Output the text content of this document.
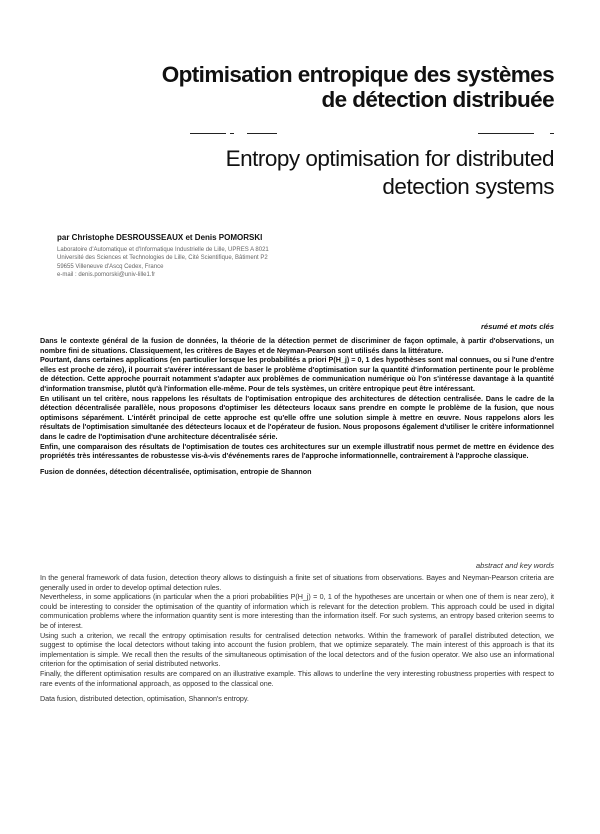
Optimisation entropique des systèmes
de détection distribuée
Entropy optimisation for distributed
detection systems
par Christophe DESROUSSEAUX et Denis POMORSKI
Laboratoire d'Automatique et d'Informatique Industrielle de Lille, UPRES A 8021
Université des Sciences et Technologies de Lille, Cité Scientifique, Bâtiment P2
59655 Villeneuve d'Ascq Cedex, France
e-mail : denis.pomorski@univ-lille1.fr
résumé et mots clés

Dans le contexte général de la fusion de données, la théorie de la détection permet de discriminer de façon optimale, à partir d'observations, un nombre fini de situations. Classiquement, les critères de Bayes et de Neyman-Pearson sont utilisés dans la littérature.

Pourtant, dans certaines applications (en particulier lorsque les probabilités a priori P(H_j) = 0, 1 des hypothèses sont mal connues, ou si l'une d'entre elles est proche de zéro), il pourrait s'avérer intéressant de baser le problème d'optimisation sur la quantité d'information pertinente pour le problème de détection. Cette approche pourrait notamment s'adapter aux problèmes de communication numérique où l'on s'intéresse davantage à la quantité d'information transmise, plutôt qu'à l'information elle-même. Pour de tels systèmes, un critère entropique peut être intéressant.

En utilisant un tel critère, nous rappelons les résultats de l'optimisation entropique des architectures de détection centralisée. Dans le cadre de la détection décentralisée parallèle, nous proposons d'optimiser les détecteurs locaux sans prendre en compte le problème de la fusion, que nous optimisons séparément. L'intérêt principal de cette approche est qu'elle offre une solution simple à mettre en œuvre. Nous rappelons alors les résultats de l'optimisation simultanée des détecteurs locaux et de l'opérateur de fusion. Nous proposons également d'utiliser le critère informationnel dans le cadre de l'optimisation d'une architecture décentralisée série.

Enfin, une comparaison des résultats de l'optimisation de toutes ces architectures sur un exemple illustratif nous permet de mettre en évidence des propriétés très intéressantes de robustesse vis-à-vis d'événements rares de l'approche informationnelle, contrairement à l'approche classique.

Fusion de données, détection décentralisée, optimisation, entropie de Shannon

abstract and key words

In the general framework of data fusion, detection theory allows to distinguish a finite set of situations from observations. Bayes and Neyman-Pearson criteria are generally used in order to develop optimal detection rules.

Nevertheless, in some applications (in particular when the a priori probabilities P(H_j) = 0, 1 of the hypotheses are uncertain or when one of them is near zero), it could be interesting to consider the optimisation of the quantity of information which is relevant for the detection problem. This approach could be used in digital communication problems where the information quantity sent is more interesting than the information itself. For such systems, an entropy based criterion seems to be of interest.

Using such a criterion, we recall the entropy optimisation results for centralised detection networks. Within the framework of parallel distributed detection, we suggest to optimise the local detectors without taking into account the fusion problem, that we optimize separately. The main interest of this approach is that its implementation is simple. We recall then the results of the simultaneous optimisation of the local detectors and of the fusion operator. We also use an informational criterion for the optimisation of serial distributed networks.

Finally, the different optimisation results are compared on an illustrative example. This allows to underline the very interesting robustness properties with respect to rare events of the informational approach, as opposed to the classical one.

Data fusion, distributed detection, optimisation, Shannon's entropy.
